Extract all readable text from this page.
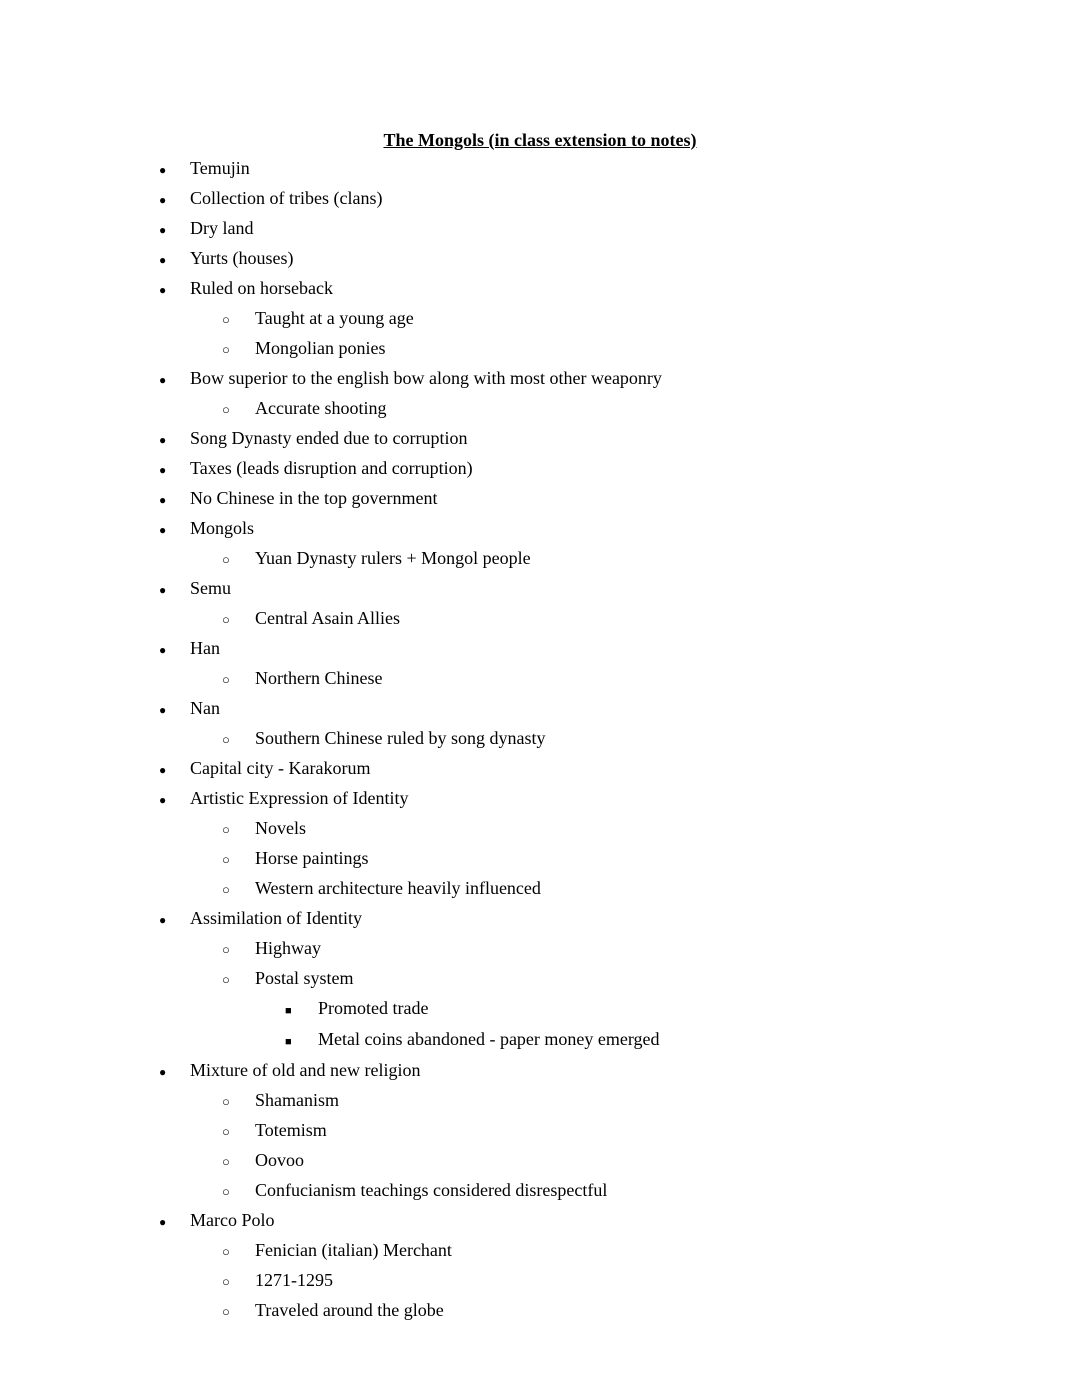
The Mongols (in class extension to notes)
●	Temujin
●	Collection of tribes (clans)
●	Dry land
●	Yurts (houses)
●	Ruled on horseback
○	Taught at a young age
○	Mongolian ponies
●	Bow superior to the english bow along with most other weaponry
○	Accurate shooting
●	Song Dynasty ended due to corruption
●	Taxes (leads disruption and corruption)
●	No Chinese in the top government
●	Mongols
○	Yuan Dynasty rulers + Mongol people
●	Semu
○	Central Asain Allies
●	Han
○	Northern Chinese
●	Nan
○	Southern Chinese ruled by song dynasty
●	Capital city - Karakorum
●	Artistic Expression of Identity
○	Novels
○	Horse paintings
○	Western architecture heavily influenced
●	Assimilation of Identity
○	Highway
○	Postal system
■	Promoted trade
■	Metal coins abandoned - paper money emerged
●	Mixture of old and new religion
○	Shamanism
○	Totemism
○	Oovoo
○	Confucianism teachings considered disrespectful
●	Marco Polo
○	Fenician (italian) Merchant
○	1271-1295
○	Traveled around the globe
